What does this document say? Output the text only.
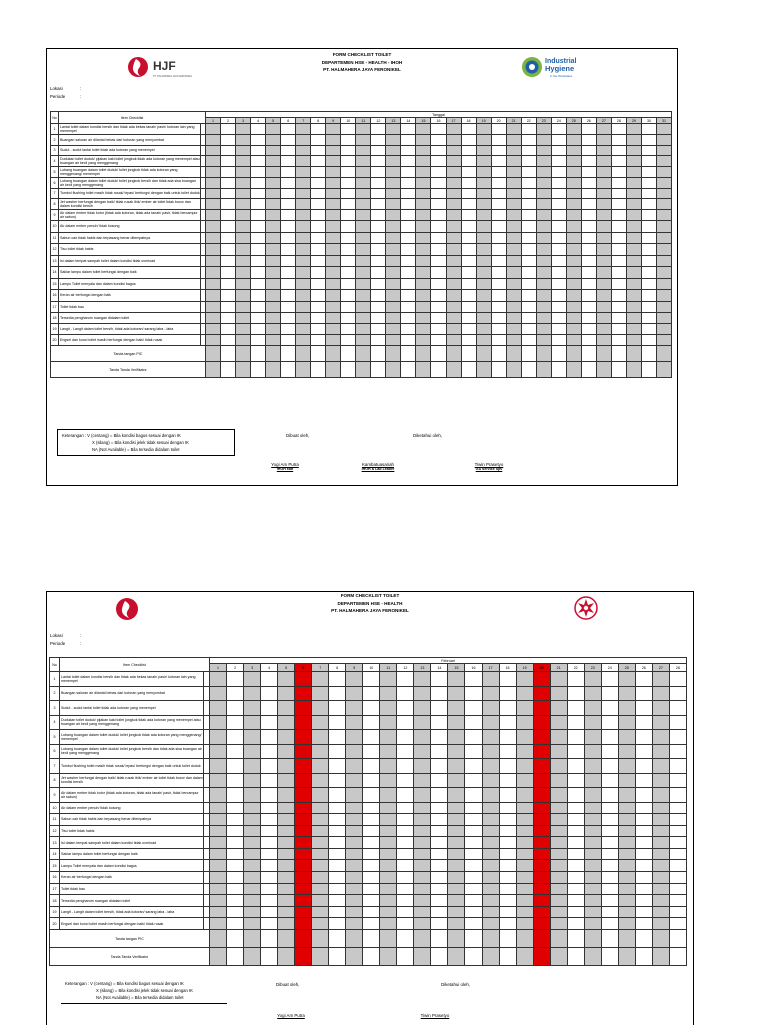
FORM CHECKLIST TOILET
DEPARTEMEN HSE - HEALTH - IHOH
PT. HALMAHERA JAYA FERONIKEL
HJF
PT. HALMAHERA JAYA FERONIKEL
Industrial
Hygiene
in the Workplace
Lokasi	:
Periode	:
No	Item Checklist		Tanggal																														
			1	2	3	4	5	6	7	8	9	10	11	12	13	14	15	16	17	18	19	20	21	22	23	24	25	26	27	28	29	30	31
1	Lantai toilet dalam kondisi bersih dan tidak ada bekas tanah/ pasir/ kotoran lain yang menempel																																
2	Buangan saluran air dilantai bebas dari kotoran yang menyumbat																																
3	Sudut - sudut lantai toilet tidak ada kotoran yang menempel																																
4	Dudukan toilet duduk/ pijakan kaki toilet jongkok tidak ada kotoran yang menempel atau buangan air kecil yang menggenang																																
5	Lubang buangan dalam toilet duduk/ toilet jongkok tidak ada kotoran yang menggenang/ menempel																																
6	Lubang buangan dalam toilet duduk/ toilet jongkok bersih dan tidak ada sisa buangan air kecil yang menggenang																																
7	Tombol flushing toilet masih tidak rusak/ lepas/ berfungsi dengan baik untuk toilet duduk																																
8	Jet washer berfungsi dengan baik/ tidak rusak lbik/ ember air toilet tidak bocor dan dalam kondisi bersih																																
9	Air dalam ember tidak kotor (tidak ada kotoran, tidak ada tanah/ pasir, tidak bercampur air sabun)																																
10	Air dalam ember penuh/ tidak kosong																																
11	Sabun cair tidak habis dan terpasang benar ditempatnya																																
12	Tisu toilet tidak habis																																
13	Isi dalam tempat sampah toilet dalam kondisi tidak overload																																
14	Saklar lampu dalam toilet berfungsi dengan baik																																
15	Lampu Toilet menyala dan dalam kondisi bagus																																
16	Keran air berfungsi dengan baik																																
17	Toilet tidak bau																																
18	Tersedia pengharum ruangan didalam toilet																																
19	Langit - Langit dalam toilet bersih, tidak ada kotoran/ sarang laba - laba																																
20	Engsel dan kunci toilet masih berfungsi dengan baik/ tidak rusak																																
Tanda tangan PIC																																	
Tanda Tanda Verifikator																																	
Keterangan : V (centang) = Bila kondisi bagus sesuai dengan IK
X (silang) = Bila kondisi jelek tidak sesuai dengan IK
NA (Not Available) = Bila tersedia didalam toilet
Dibuat oleh,	Diketahui oleh,
Yogi Am Putra
IHOH staf
Kambatuasariah
IHOH & Lab Leader
Tiwin Prasetyo
GA Service Spv
FORM CHECKLIST TOILET
DEPARTEMEN HSE - HEALTH
PT. HALMAHERA JAYA FERONIKEL
Lokasi	:
Periode	:
No	Item Checklist		Februari																											
			1	2	3	4	5	6	7	8	9	10	11	12	13	14	15	16	17	18	19	20	21	22	23	24	25	26	27	28
1	Lantai toilet dalam kondisi bersih dan tidak ada bekas tanah/ pasir/ kotoran lain yang menempel																													
2	Buangan saluran air dilantai bebas dari kotoran yang menyumbat																													
3	Sudut - sudut lantai toilet tidak ada kotoran yang menempel																													
4	Dudukan toilet duduk/ pijakan kaki toilet jongkok tidak ada kotoran yang menempel atau buangan air kecil yang menggenang																													
5	Lubang buangan dalam toilet duduk/ toilet jongkok tidak ada kotoran yang menggenang/ menempel																													
6	Lubang buangan dalam toilet duduk/ toilet jongkok bersih dan tidak ada sisa buangan air kecil yang menggenang																													
7	Tombol flushing toilet masih tidak rusak/ lepas/ berfungsi dengan baik untuk toilet duduk																													
8	Jet washer berfungsi dengan baik/ tidak rusak lbik/ ember air toilet tidak bocor dan dalam kondisi bersih																													
9	Air dalam ember tidak kotor (tidak ada kotoran, tidak ada tanah/ pasir, tidak bercampur air sabun)																													
10	Air dalam ember penuh/ tidak kosong																													
11	Sabun cair tidak habis dan terpasang benar ditempatnya																													
12	Tisu toilet tidak habis																													
13	Isi dalam tempat sampah toilet dalam kondisi tidak overload																													
14	Saklar lampu dalam toilet berfungsi dengan baik																													
15	Lampu Toilet menyala dan dalam kondisi bagus																													
16	Keran air berfungsi dengan baik																													
17	Toilet tidak bau																													
18	Tersedia pengharum ruangan didalam toilet																													
19	Langit - Langit dalam toilet bersih, tidak ada kotoran/ sarang laba - laba																													
20	Engsel dan kunci toilet masih berfungsi dengan baik/ tidak rusak																													
Tanda tangan PIC																														
Tanda Tanda Verifikator																														
Keterangan : V (centang) = Bila kondisi bagus sesuai dengan IK
X (silang) = Bila kondisi jelek tidak sesuai dengan IK
NA (Not Available) = Bila tersedia didalam toilet
Dibuat oleh,	Diketahui oleh,
Yogi Am Putra	Tiwin Prasetyo
